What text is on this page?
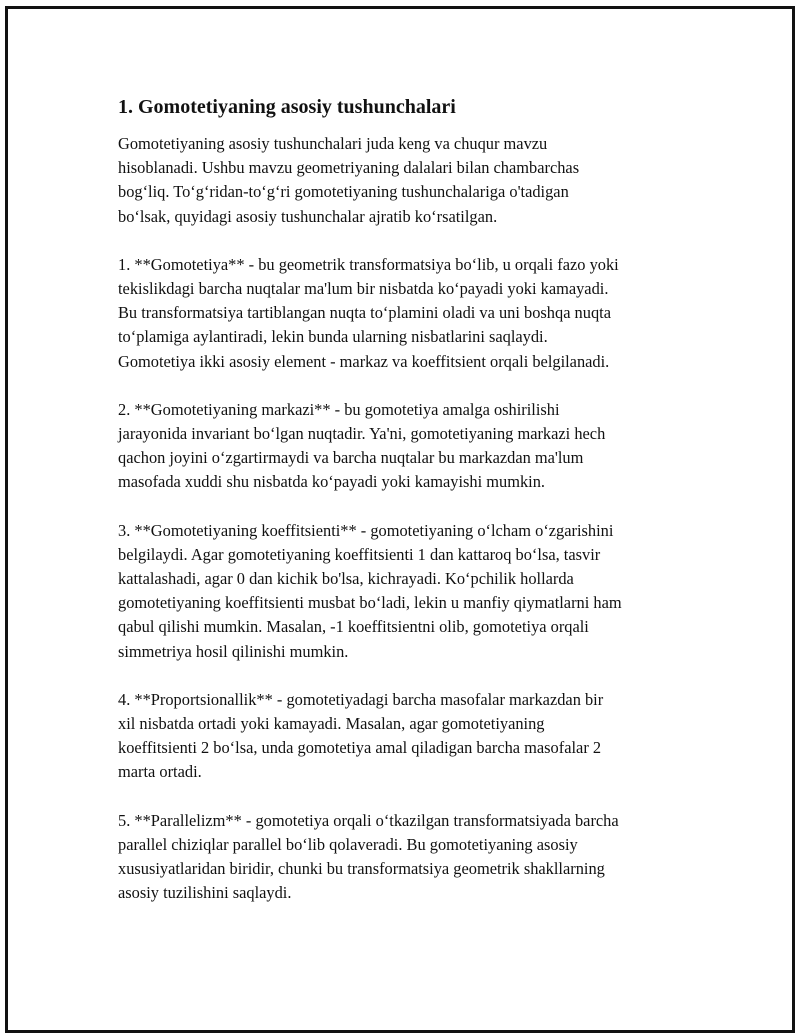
1. Gomotetiyaning asosiy tushunchalari

Gomotetiyaning asosiy tushunchalari juda keng va chuqur mavzu
hisoblanadi. Ushbu mavzu geometriyaning dalalari bilan chambarchas
bog‘liq. To‘g‘ridan-to‘g‘ri gomotetiyaning tushunchalariga o'tadigan
bo‘lsak, quyidagi asosiy tushunchalar ajratib ko‘rsatilgan.

1. **Gomotetiya** - bu geometrik transformatsiya bo‘lib, u orqali fazo yoki
tekislikdagi barcha nuqtalar ma'lum bir nisbatda ko‘payadi yoki kamayadi.
Bu transformatsiya tartiblangan nuqta to‘plamini oladi va uni boshqa nuqta
to‘plamiga aylantiradi, lekin bunda ularning nisbatlarini saqlaydi.
Gomotetiya ikki asosiy element - markaz va koeffitsient orqali belgilanadi.

2. **Gomotetiyaning markazi** - bu gomotetiya amalga oshirilishi
jarayonida invariant bo‘lgan nuqtadir. Ya'ni, gomotetiyaning markazi hech
qachon joyini o‘zgartirmaydi va barcha nuqtalar bu markazdan ma'lum
masofada xuddi shu nisbatda ko‘payadi yoki kamayishi mumkin.

3. **Gomotetiyaning koeffitsienti** - gomotetiyaning o‘lcham o‘zgarishini
belgilaydi. Agar gomotetiyaning koeffitsienti 1 dan kattaroq bo‘lsa, tasvir
kattalashadi, agar 0 dan kichik bo'lsa, kichrayadi. Ko‘pchilik hollarda
gomotetiyaning koeffitsienti musbat bo‘ladi, lekin u manfiy qiymatlarni ham
qabul qilishi mumkin. Masalan, -1 koeffitsientni olib, gomotetiya orqali
simmetriya hosil qilinishi mumkin.

4. **Proportsionallik** - gomotetiyadagi barcha masofalar markazdan bir
xil nisbatda ortadi yoki kamayadi. Masalan, agar gomotetiyaning
koeffitsienti 2 bo‘lsa, unda gomotetiya amal qiladigan barcha masofalar 2
marta ortadi.

5. **Parallelizm** - gomotetiya orqali o‘tkazilgan transformatsiyada barcha
parallel chiziqlar parallel bo‘lib qolaveradi. Bu gomotetiyaning asosiy
xususiyatlaridan biridir, chunki bu transformatsiya geometrik shakllarning
asosiy tuzilishini saqlaydi.
